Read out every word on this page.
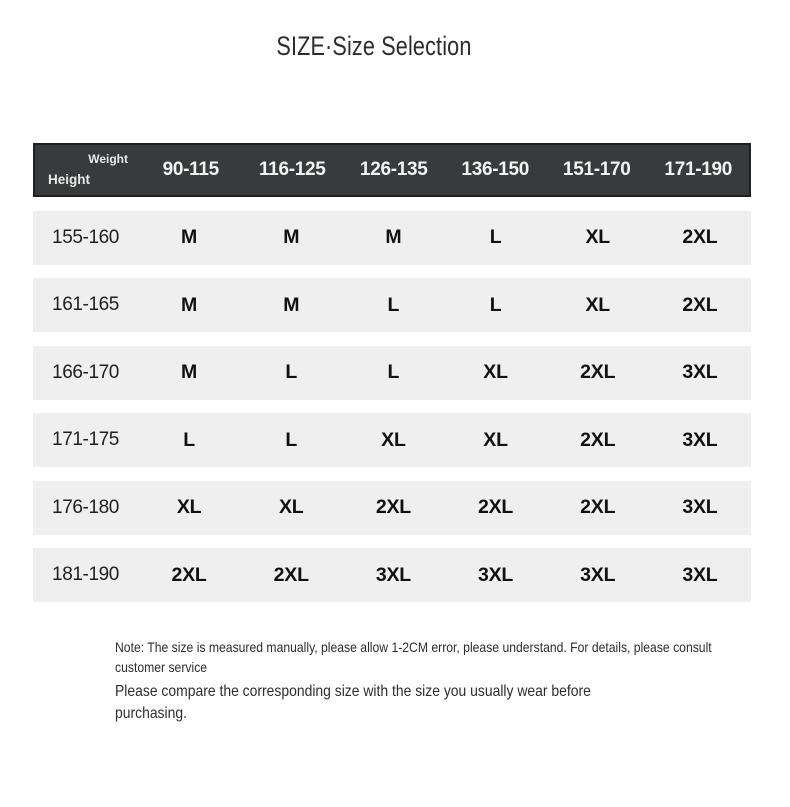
SIZE·Size Selection
Weight
Height	90-115	116-125	126-135	136-150	151-170	171-190
155-160	M	M	M	L	XL	2XL
161-165	M	M	L	L	XL	2XL
166-170	M	L	L	XL	2XL	3XL
171-175	L	L	XL	XL	2XL	3XL
176-180	XL	XL	2XL	2XL	2XL	3XL
181-190	2XL	2XL	3XL	3XL	3XL	3XL
Note: The size is measured manually, please allow 1-2CM error, please understand. For details, please consult
customer service
Please compare the corresponding size with the size you usually wear before
purchasing.
